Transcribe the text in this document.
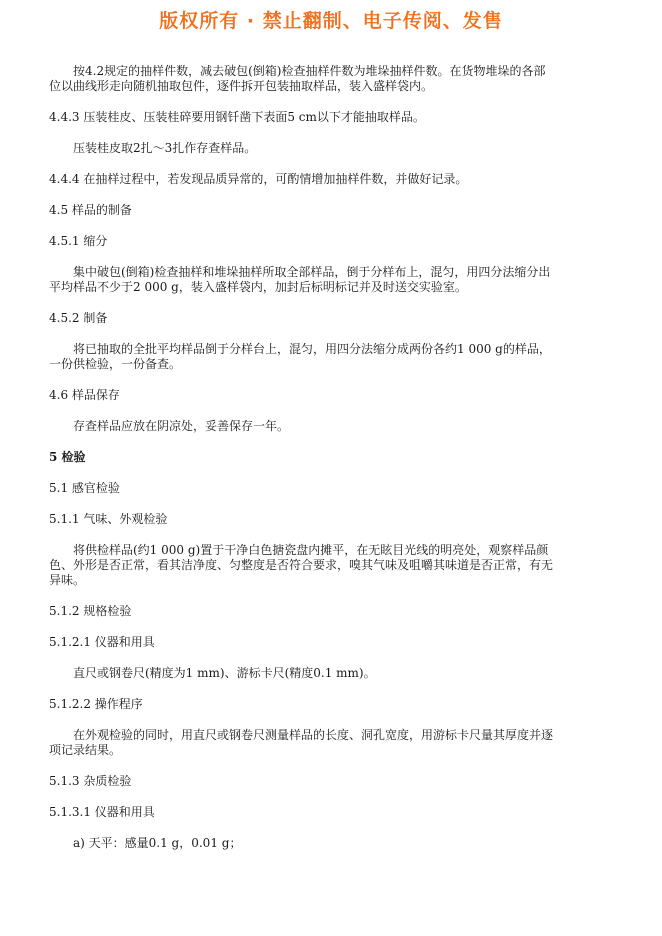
版权所有 · 禁止翻制、电子传阅、发售
按4.2规定的抽样件数，减去破包(倒箱)检查抽样件数为堆垛抽样件数。在货物堆垛的各部
位以曲线形走向随机抽取包件，逐件拆开包装抽取样品，装入盛样袋内。
4.4.3 压装桂皮、压装桂碎要用钢钎凿下表面5 cm以下才能抽取样品。
压装桂皮取2扎～3扎作存查样品。
4.4.4 在抽样过程中，若发现品质异常的，可酌情增加抽样件数，并做好记录。
4.5 样品的制备
4.5.1 缩分
集中破包(倒箱)检查抽样和堆垛抽样所取全部样品，倒于分样布上，混匀，用四分法缩分出
平均样品不少于2 000 g，装入盛样袋内，加封后标明标记并及时送交实验室。
4.5.2 制备
将已抽取的全批平均样品倒于分样台上，混匀，用四分法缩分成两份各约1 000 g的样品，
一份供检验，一份备查。
4.6 样品保存
存查样品应放在阴凉处，妥善保存一年。
5 检验
5.1 感官检验
5.1.1 气味、外观检验
将供检样品(约1 000 g)置于干净白色搪瓷盘内摊平，在无眩目光线的明亮处，观察样品颜
色、外形是否正常，看其洁净度、匀整度是否符合要求，嗅其气味及咀嚼其味道是否正常，有无
异味。
5.1.2 规格检验
5.1.2.1 仪器和用具
直尺或钢卷尺(精度为1 mm)、游标卡尺(精度0.1 mm)。
5.1.2.2 操作程序
在外观检验的同时，用直尺或钢卷尺测量样品的长度、洞孔宽度，用游标卡尺量其厚度并逐
项记录结果。
5.1.3 杂质检验
5.1.3.1 仪器和用具
a) 天平：感量0.1 g，0.01 g；
